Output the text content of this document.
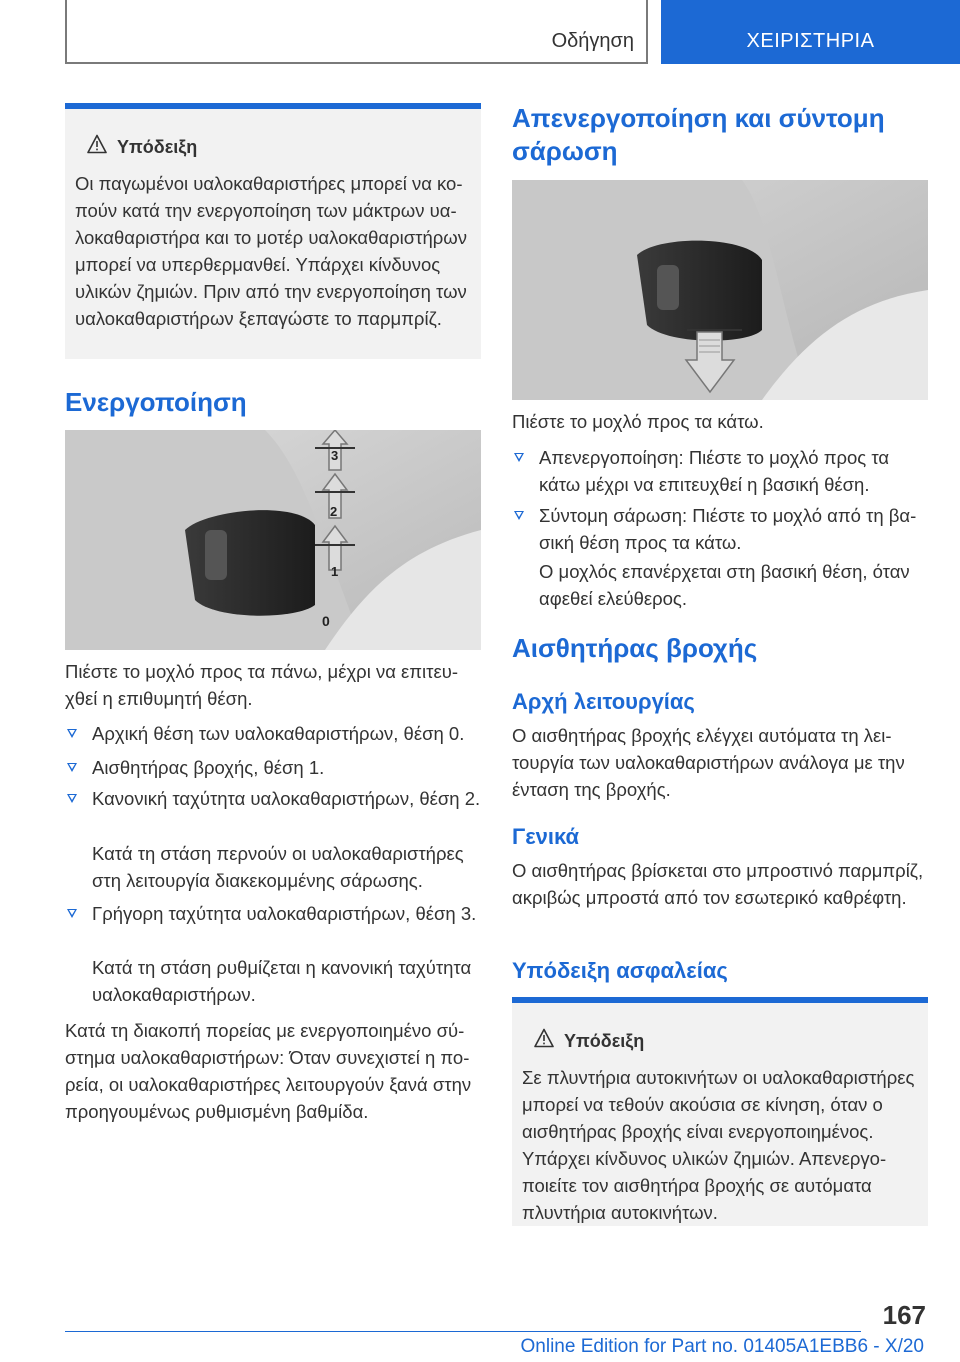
Οδήγηση	ΧΕΙΡΙΣΤΗΡΙΑ
Υπόδειξη
Οι παγωμένοι υαλοκαθαριστήρες μπορεί να κοπούν κατά την ενεργοποίηση των μάκτρων υαλοκαθαριστήρα και το μοτέρ υαλοκαθαριστήρων μπορεί να υπερθερμανθεί. Υπάρχει κίνδυνος υλικών ζημιών. Πριν από την ενεργοποίηση των υαλοκαθαριστήρων ξεπαγώστε το παρμπρίζ.
Ενεργοποίηση
3
2
1
0

Πιέστε το μοχλό προς τα πάνω, μέχρι να επιτευχθεί η επιθυμητή θέση.

Αρχική θέση των υαλοκαθαριστήρων, θέση 0.
Αισθητήρας βροχής, θέση 1.
Κανονική ταχύτητα υαλοκαθαριστήρων, θέση 2.

Κατά τη στάση περνούν οι υαλοκαθαριστήρες στη λειτουργία διακεκομμένης σάρωσης.

Γρήγορη ταχύτητα υαλοκαθαριστήρων, θέση 3.

Κατά τη στάση ρυθμίζεται η κανονική ταχύτητα υαλοκαθαριστήρων.

Κατά τη διακοπή πορείας με ενεργοποιημένο σύστημα υαλοκαθαριστήρων: Όταν συνεχιστεί η πορεία, οι υαλοκαθαριστήρες λειτουργούν ξανά στην προηγουμένως ρυθμισμένη βαθμίδα.

Απενεργοποίηση και σύντομη σάρωση

Πιέστε το μοχλό προς τα κάτω.

Απενεργοποίηση: Πιέστε το μοχλό προς τα κάτω μέχρι να επιτευχθεί η βασική θέση.
Σύντομη σάρωση: Πιέστε το μοχλό από τη βασική θέση προς τα κάτω.

Ο μοχλός επανέρχεται στη βασική θέση, όταν αφεθεί ελεύθερος.

Αισθητήρας βροχής
Αρχή λειτουργίας

Ο αισθητήρας βροχής ελέγχει αυτόματα τη λειτουργία των υαλοκαθαριστήρων ανάλογα με την ένταση της βροχής.

Γενικά

Ο αισθητήρας βρίσκεται στο μπροστινό παρμπρίζ, ακριβώς μπροστά από τον εσωτερικό καθρέφτη.

Υπόδειξη ασφαλείας
Υπόδειξη
Σε πλυντήρια αυτοκινήτων οι υαλοκαθαριστήρες μπορεί να τεθούν ακούσια σε κίνηση, όταν ο αισθητήρας βροχής είναι ενεργοποιημένος. Υπάρχει κίνδυνος υλικών ζημιών. Απενεργοποιείτε τον αισθητήρα βροχής σε αυτόματα πλυντήρια αυτοκινήτων.
167
Online Edition for Part no. 01405A1EBB6 - X/20
